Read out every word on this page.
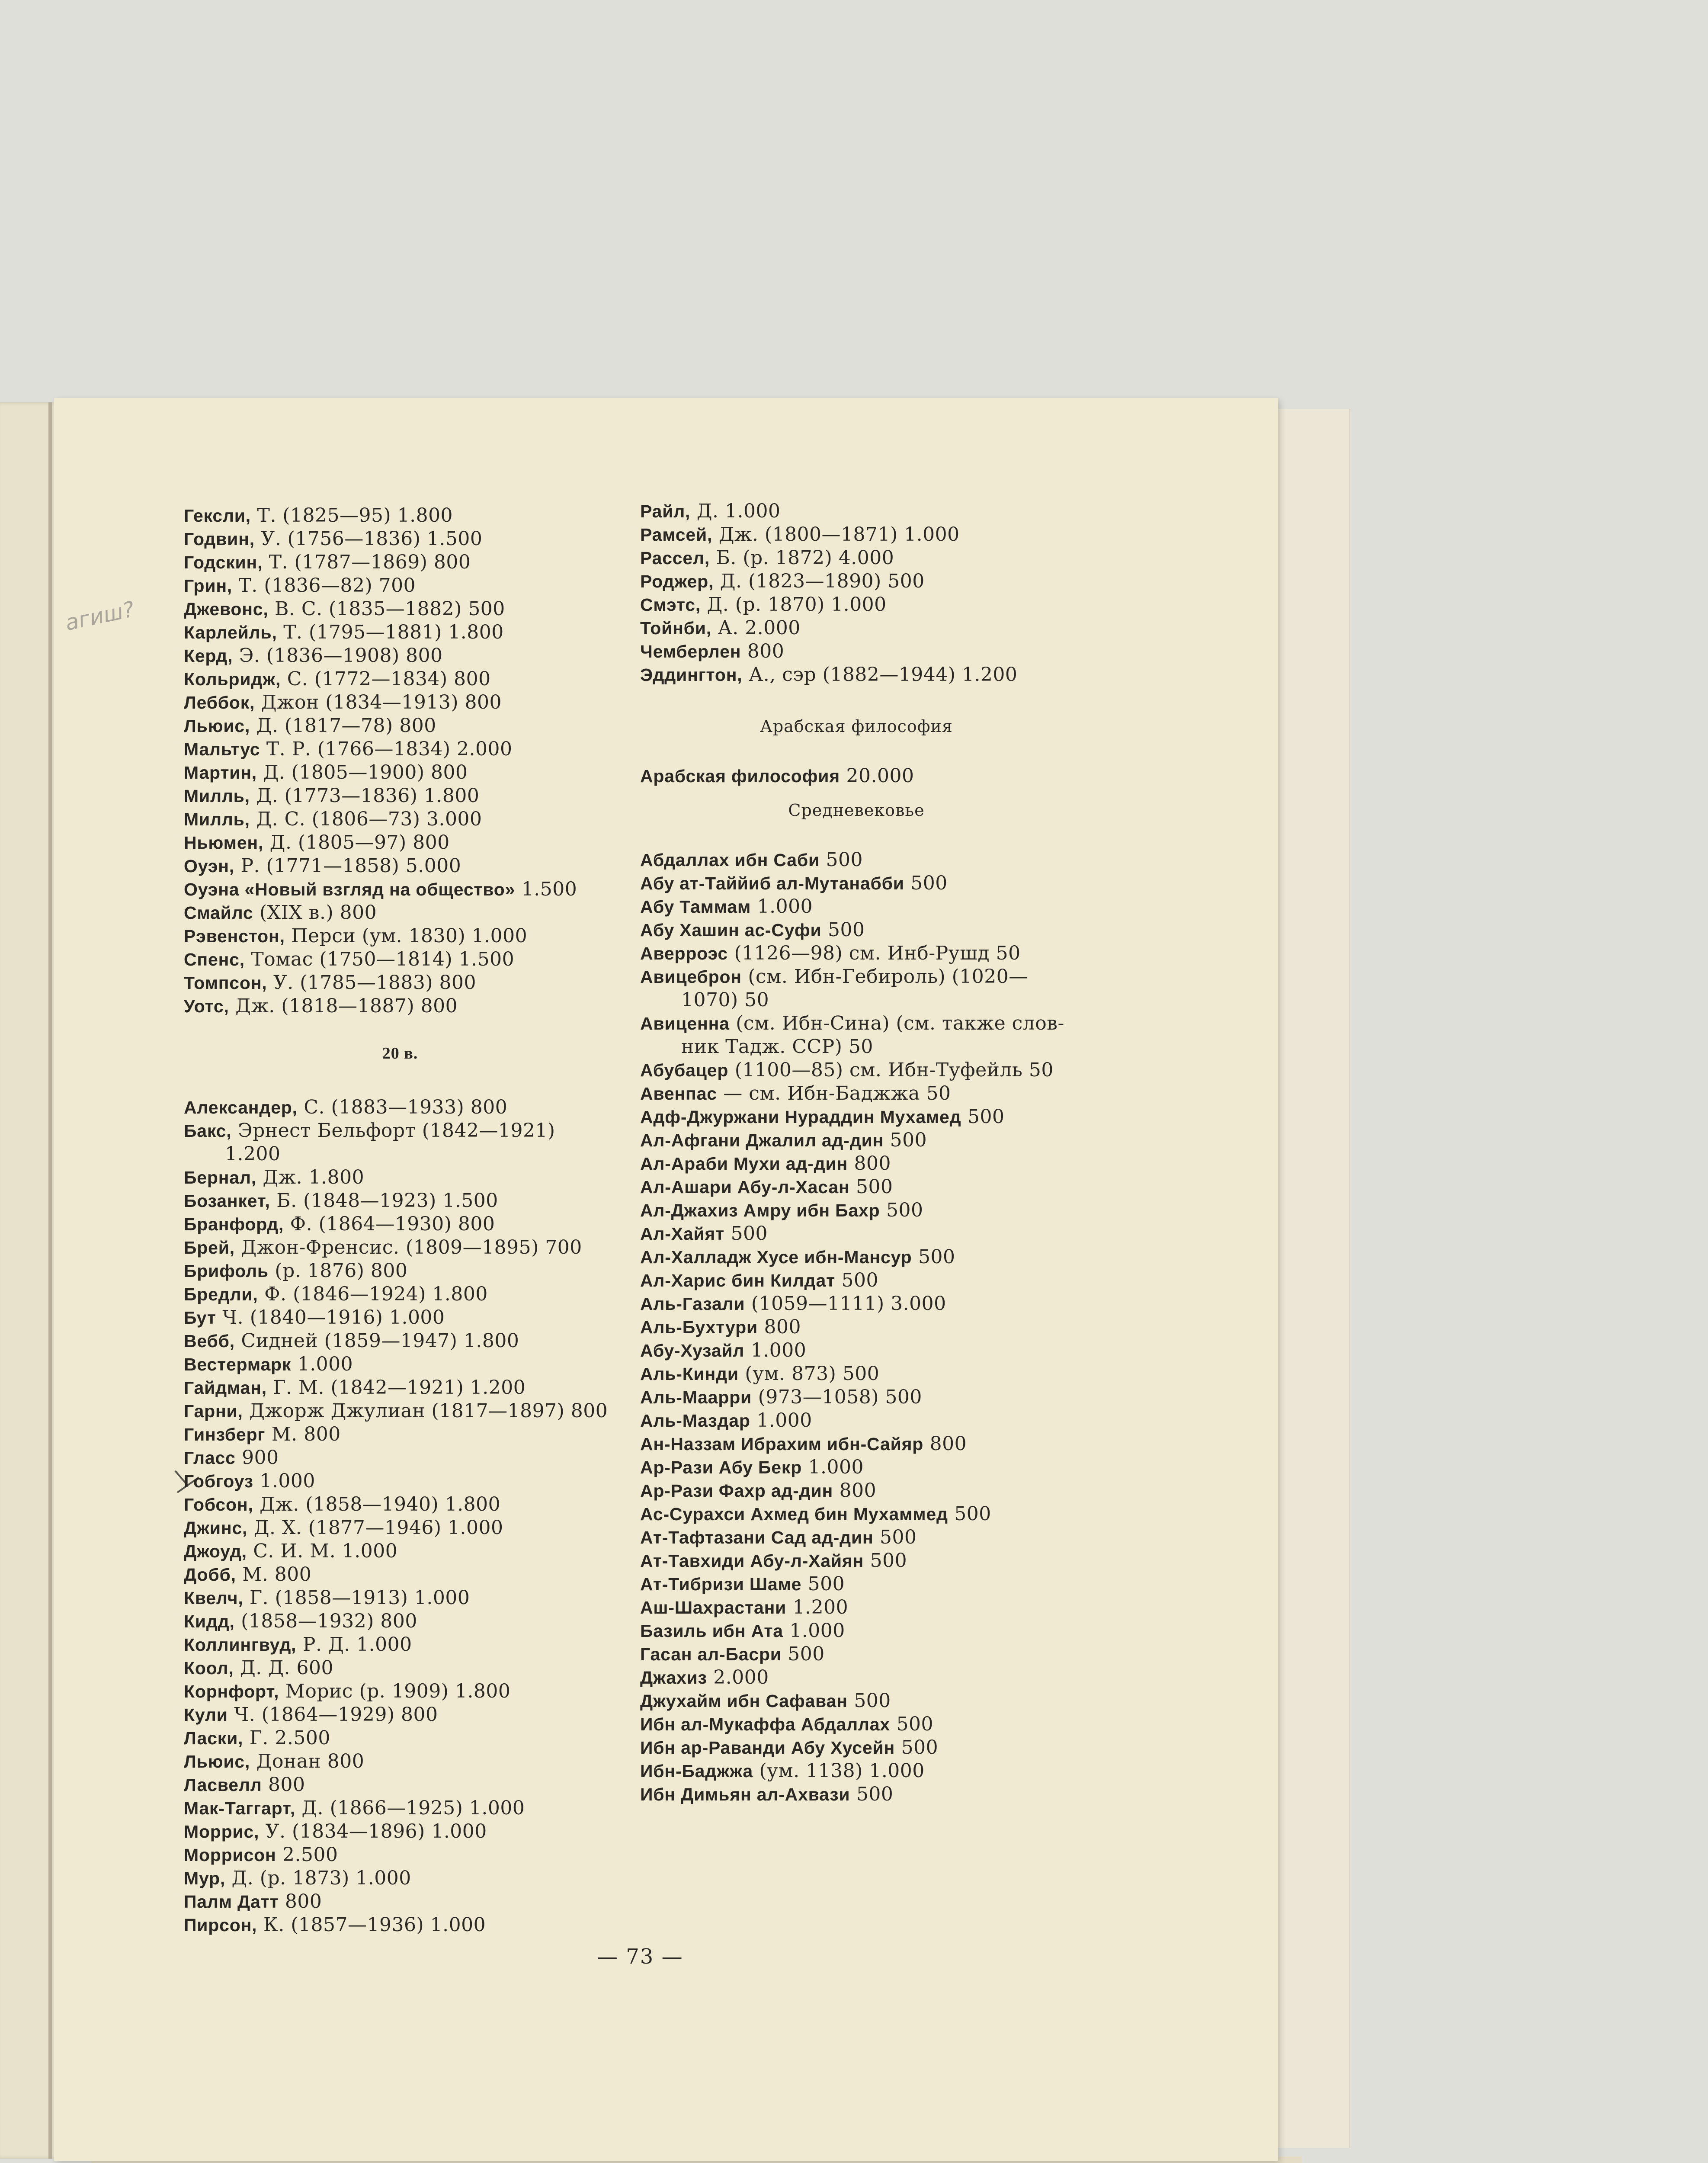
агиш?
Гексли, Т. (1825—95) 1.800
Годвин, У. (1756—1836) 1.500
Годскин, Т. (1787—1869) 800
Грин, Т. (1836—82) 700
Джевонс, В. С. (1835—1882) 500
Карлейль, Т. (1795—1881) 1.800
Керд, Э. (1836—1908) 800
Кольридж, С. (1772—1834) 800
Леббок, Джон (1834—1913) 800
Льюис, Д. (1817—78) 800
Мальтус Т. Р. (1766—1834) 2.000
Мартин, Д. (1805—1900) 800
Милль, Д. (1773—1836) 1.800
Милль, Д. С. (1806—73) 3.000
Ньюмен, Д. (1805—97) 800
Оуэн, Р. (1771—1858) 5.000
Оуэна «Новый взгляд на общество» 1.500
Смайлс (XIX в.) 800
Рэвенстон, Перси (ум. 1830) 1.000
Спенс, Томас (1750—1814) 1.500
Томпсон, У. (1785—1883) 800
Уотс, Дж. (1818—1887) 800
20 в.
Александер, С. (1883—1933) 800
Бакс, Эрнест Бельфорт (1842—1921)
1.200
Бернал, Дж. 1.800
Бозанкет, Б. (1848—1923) 1.500
Бранфорд, Ф. (1864—1930) 800
Брей, Джон-Френсис. (1809—1895) 700
Брифоль (р. 1876) 800
Бредли, Ф. (1846—1924) 1.800
Бут Ч. (1840—1916) 1.000
Вебб, Сидней (1859—1947) 1.800
Вестермарк 1.000
Гайдман, Г. М. (1842—1921) 1.200
Гарни, Джорж Джулиан (1817—1897) 800
Гинзберг М. 800
Гласс 900
Гобгоуз 1.000
Гобсон, Дж. (1858—1940) 1.800
Джинс, Д. Х. (1877—1946) 1.000
Джоуд, С. И. М. 1.000
Добб, М. 800
Квелч, Г. (1858—1913) 1.000
Кидд, (1858—1932) 800
Коллингвуд, Р. Д. 1.000
Коол, Д. Д. 600
Корнфорт, Морис (р. 1909) 1.800
Кули Ч. (1864—1929) 800
Ласки, Г. 2.500
Льюис, Донан 800
Ласвелл 800
Мак-Таггарт, Д. (1866—1925) 1.000
Моррис, У. (1834—1896) 1.000
Моррисон 2.500
Мур, Д. (р. 1873) 1.000
Палм Датт 800
Пирсон, К. (1857—1936) 1.000
Райл, Д. 1.000
Рамсей, Дж. (1800—1871) 1.000
Рассел, Б. (р. 1872) 4.000
Роджер, Д. (1823—1890) 500
Смэтс, Д. (р. 1870) 1.000
Тойнби, А. 2.000
Чемберлен 800
Эддингтон, А., сэр (1882—1944) 1.200
Арабская философия
Арабская философия 20.000
Средневековье
Абдаллах ибн Саби 500
Абу ат-Таййиб ал-Мутанабби 500
Абу Таммам 1.000
Абу Хашин ас-Суфи 500
Аверроэс (1126—98) см. Инб-Рушд 50
Авицеброн (см. Ибн-Гебироль) (1020—
1070) 50
Авиценна (см. Ибн-Сина) (см. также слов-
ник Тадж. ССР) 50
Абубацер (1100—85) см. Ибн-Туфейль 50
Авенпас — см. Ибн-Баджжа 50
Адф-Джуржани Нураддин Мухамед 500
Ал-Афгани Джалил ад-дин 500
Ал-Араби Мухи ад-дин 800
Ал-Ашари Абу-л-Хасан 500
Ал-Джахиз Амру ибн Бахр 500
Ал-Хайят 500
Ал-Халладж Хусе ибн-Мансур 500
Ал-Харис бин Килдат 500
Аль-Газали (1059—1111) 3.000
Аль-Бухтури 800
Абу-Хузайл 1.000
Аль-Кинди (ум. 873) 500
Аль-Маарри (973—1058) 500
Аль-Маздар 1.000
Ан-Наззам Ибрахим ибн-Сайяр 800
Ар-Рази Абу Бекр 1.000
Ар-Рази Фахр ад-дин 800
Ас-Сурахси Ахмед бин Мухаммед 500
Ат-Тафтазани Сад ад-дин 500
Ат-Тавхиди Абу-л-Хайян 500
Ат-Тибризи Шаме 500
Аш-Шахрастани 1.200
Базиль ибн Ата 1.000
Гасан ал-Басри 500
Джахиз 2.000
Джухайм ибн Сафаван 500
Ибн ал-Мукаффа Абдаллах 500
Ибн ар-Раванди Абу Хусейн 500
Ибн-Баджжа (ум. 1138) 1.000
Ибн Димьян ал-Ахвази 500
— 73 —
